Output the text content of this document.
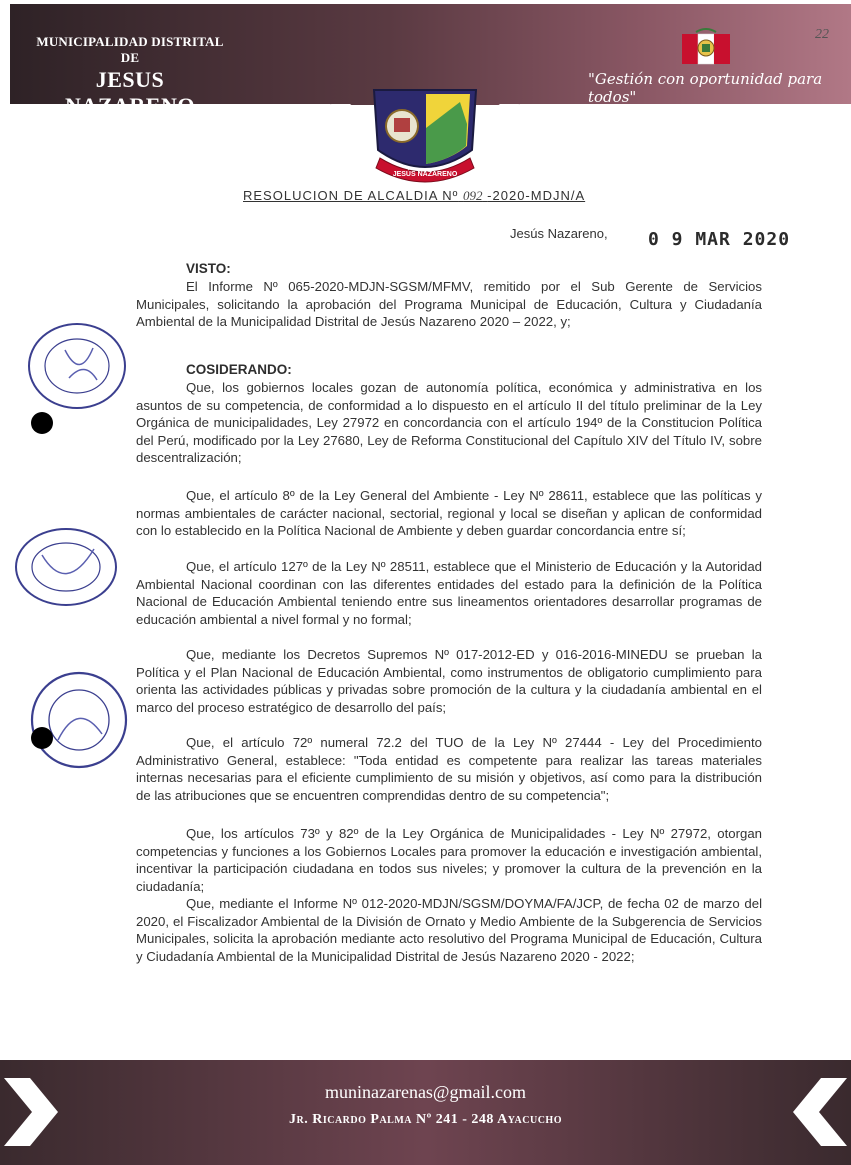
MUNICIPALIDAD DISTRITAL DE
JESUS NAZARENO
CREADO POR LEY Nº 27281
22
"Gestión con oportunidad para todos"
JESÚS NAZARENO
RESOLUCION DE ALCALDIA Nº 092 -2020-MDJN/A
Jesús Nazareno, 0 9 MAR 2020
VISTO:

El Informe Nº 065-2020-MDJN-SGSM/MFMV, remitido por el Sub Gerente de Servicios Municipales, solicitando la aprobación del Programa Municipal de Educación, Cultura y Ciudadanía Ambiental de la Municipalidad Distrital de Jesús Nazareno 2020 – 2022, y;

COSIDERANDO:

Que, los gobiernos locales gozan de autonomía política, económica y administrativa en los asuntos de su competencia, de conformidad a lo dispuesto en el artículo II del título preliminar de la Ley Orgánica de municipalidades, Ley 27972 en concordancia con el artículo 194º de la Constitucion Política del Perú, modificado por la Ley 27680, Ley de Reforma Constitucional del Capítulo XIV del Título IV, sobre descentralización;

Que, el artículo 8º de la Ley General del Ambiente - Ley Nº 28611, establece que las políticas y normas ambientales de carácter nacional, sectorial, regional y local se diseñan y aplican de conformidad con lo establecido en la Política Nacional de Ambiente y deben guardar concordancia entre sí;

Que, el artículo 127º de la Ley Nº 28511, establece que el Ministerio de Educación y la Autoridad Ambiental Nacional coordinan con las diferentes entidades del estado para la definición de la Política Nacional de Educación Ambiental teniendo entre sus lineamentos orientadores desarrollar programas de educación ambiental a nivel formal y no formal;

Que, mediante los Decretos Supremos Nº 017-2012-ED y 016-2016-MINEDU se prueban la Política y el Plan Nacional de Educación Ambiental, como instrumentos de obligatorio cumplimiento para orienta las actividades públicas y privadas sobre promoción de la cultura y la ciudadanía ambiental en el marco del proceso estratégico de desarrollo del país;

Que, el artículo 72º numeral 72.2 del TUO de la Ley Nº 27444 - Ley del Procedimiento Administrativo General, establece: "Toda entidad es competente para realizar las tareas materiales internas necesarias para el eficiente cumplimiento de su misión y objetivos, así como para la distribución de las atribuciones que se encuentren comprendidas dentro de su competencia";

Que, los artículos 73º y 82º de la Ley Orgánica de Municipalidades - Ley Nº 27972, otorgan competencias y funciones a los Gobiernos Locales para promover la educación e investigación ambiental, incentivar la participación ciudadana en todos sus niveles; y promover la cultura de la prevención en la ciudadanía;

Que, mediante el Informe Nº 012-2020-MDJN/SGSM/DOYMA/FA/JCP, de fecha 02 de marzo del 2020, el Fiscalizador Ambiental de la División de Ornato y Medio Ambiente de la Subgerencia de Servicios Municipales, solicita la aprobación mediante acto resolutivo del Programa Municipal de Educación, Cultura y Ciudadanía Ambiental de la Municipalidad Distrital de Jesús Nazareno 2020 - 2022;

muninazarenas@gmail.com
Jr. Ricardo Palma Nº 241 - 248 Ayacucho
